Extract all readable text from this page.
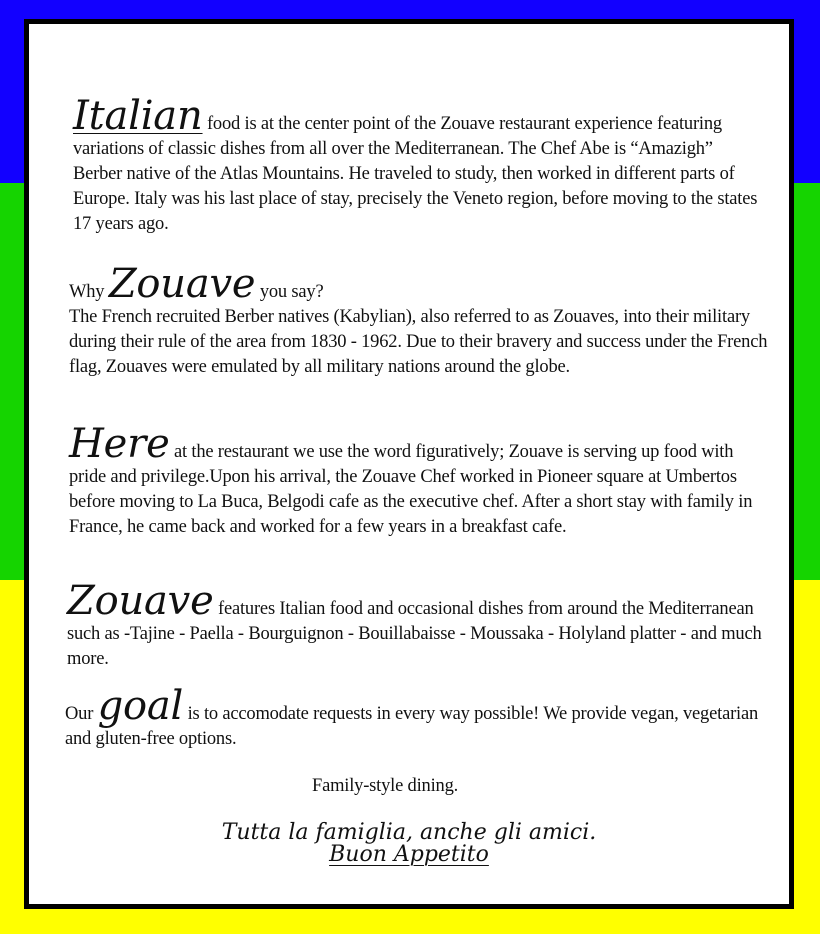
Italian food is at the center point of the Zouave restaurant experience featuring variations of classic dishes from all over the Mediterranean. The Chef Abe is “Amazigh” Berber native of the Atlas Mountains. He traveled to study, then worked in different parts of Europe. Italy was his last place of stay, precisely the Veneto region, before moving to the states 17 years ago.
Why Zouave you say?
The French recruited Berber natives (Kabylian), also referred to as Zouaves, into their military during their rule of the area from 1830 - 1962. Due to their bravery and success under the French flag, Zouaves were emulated by all military nations around the globe.
Here at the restaurant we use the word figuratively; Zouave is serving up food with pride and privilege.Upon his arrival, the Zouave Chef worked in Pioneer square at Umbertos before moving to La Buca, Belgodi cafe as the executive chef. After a short stay with family in France, he came back and worked for a few years in a breakfast cafe.
Zouave features Italian food and occasional dishes from around the Mediterranean such as -Tajine - Paella - Bourguignon - Bouillabaisse - Moussaka - Holyland platter - and much more.
Our goal is to accomodate requests in every way possible! We provide vegan, vegetarian and gluten-free options.
Family-style dining.
Tutta la famiglia, anche gli amici.
Buon Appetito
